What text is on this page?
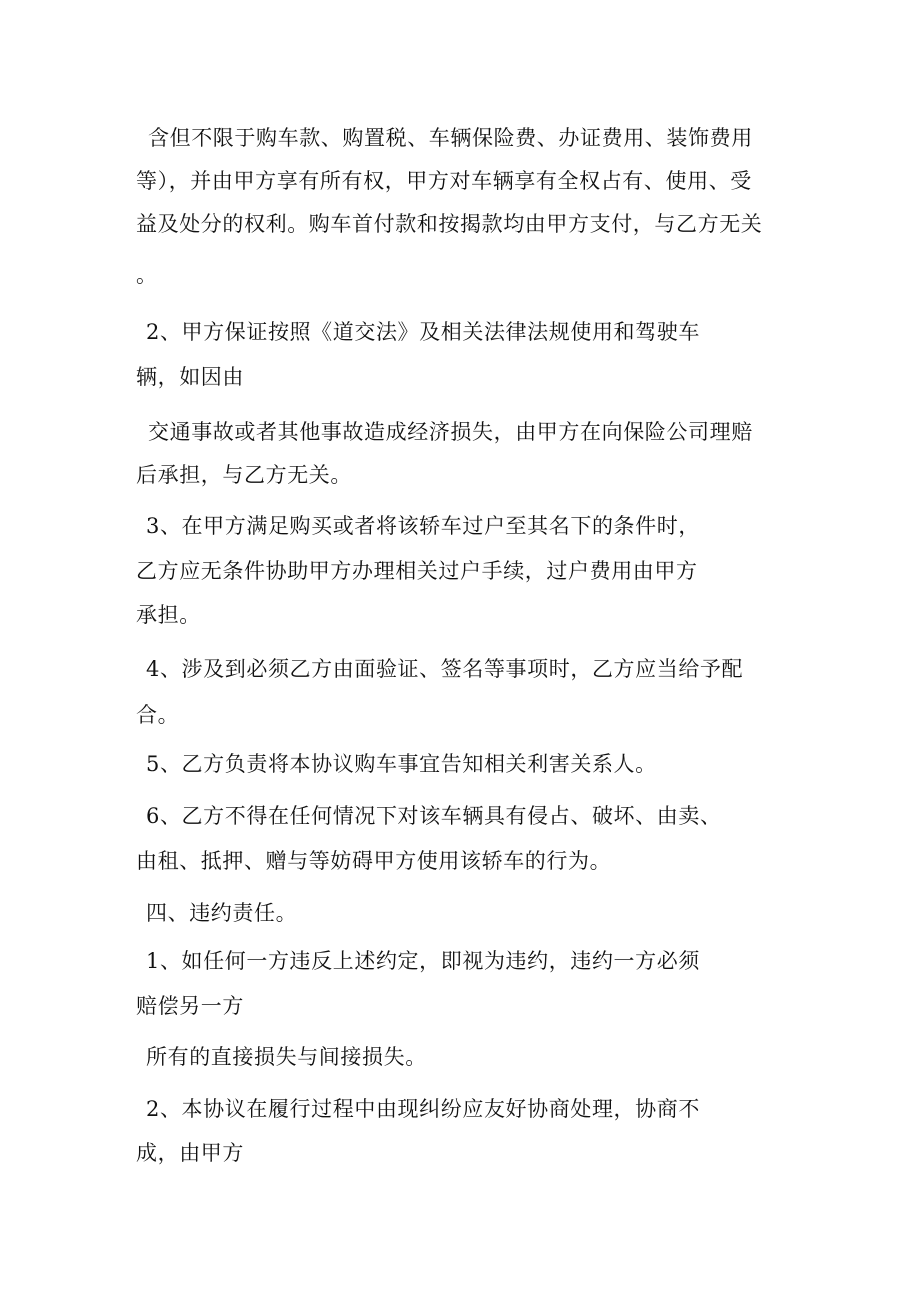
含但不限于购车款、购置税、车辆保险费、办证费用、装饰费用
等），并由甲方享有所有权，甲方对车辆享有全权占有、使用、受
益及处分的权利。购车首付款和按揭款均由甲方支付，与乙方无关
。
2、甲方保证按照《道交法》及相关法律法规使用和驾驶车
辆，如因由
交通事故或者其他事故造成经济损失，由甲方在向保险公司理赔
后承担，与乙方无关。
3、在甲方满足购买或者将该轿车过户至其名下的条件时，
乙方应无条件协助甲方办理相关过户手续，过户费用由甲方
承担。
4、涉及到必须乙方由面验证、签名等事项时，乙方应当给予配
合。
5、乙方负责将本协议购车事宜告知相关利害关系人。
6、乙方不得在任何情况下对该车辆具有侵占、破坏、由卖、
由租、抵押、赠与等妨碍甲方使用该轿车的行为。
四、违约责任。
1、如任何一方违反上述约定，即视为违约，违约一方必须
赔偿另一方
所有的直接损失与间接损失。
2、本协议在履行过程中由现纠纷应友好协商处理，协商不
成，由甲方
